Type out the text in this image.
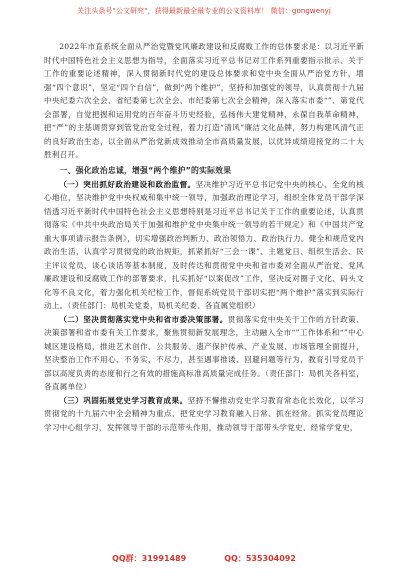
关注头条号"公文研究"，获得最新最全最专业的公文资料库！ 微信：gongwenyj

2022年市直系统全面从严治党暨党风廉政建设和反腐败工作的总体要求是：以习近平新时代中国特色社会主义思想为指导，全面落实习近平总书记对工作系列重要指示批示、关于工作的重要论述精神，深入贯彻新时代党的建设总体要求和党中央全面从严治党方针，增强“四个意识”，坚定“四个自信”，做到“两个维护”，坚持和加强党的领导，认真贯彻十九届中央纪委六次全会、省纪委第七次全会、市纪委第七次全会精神，深入落实市委“”、第党代会部署，自觉把握和运用党的百年奋斗历史经验，弘扬伟大建党精神，永葆自我革命精神，把“严”的主基调贯穿到管党治党全过程，着力打造“清风”廉洁文化品牌，努力构建风清气正的良好政治生态，以全面从严治党新成效推动全市高质量发展，以优异成绩迎接党的二十大胜利召开。

一、强化政治忠诚，增强“两个维护”的实际效果

（一）突出抓好政治建设和政治监督。坚决维护习近平总书记党中央的核心、全党的核心地位，坚决维护党中央权威和集中统一领导，加强政治理论学习，组织全体党员干部学深悟透习近平新时代中国特色社会主义思想特别是习近平总书记关于工作的重要论述，认真贯彻落实《中共中央政治局关于加强和维护党中央集中统一领导的若干规定》和《中国共产党重大事项请示报告条例》，切实增强政治判断力、政治领悟力、政治执行力。健全和规范党内政治生活，认真学习贯彻党的政治规矩，抓紧抓好“三会一课”、主题党日、组织生活会、民主评议党员、谈心谈话等基本制度，及时传达和贯彻党中央和省市委对全面从严治党、党风廉政建设和反腐败工作的部署要求，扎实抓好“以案促改”工作，坚决反对圈子文化、码头文化等不良文化，着力强化机关纪检工作，督促系统党员干部切实把“两个维护”落实到实际行动上。（责任部门：局机关党委，局机关纪委、各直属党组织）

（二）坚决贯彻落实党中央和省市委决策部署。贯彻落实党中央关于工作的方针政策、决策部署和省市委有关工作要求，聚焦贯彻新发展理念，主动融入全市“”工作体系和“”中心城区建设格局，推进艺术创作、公共服务、遗产保护传承、产业发展、市场管理全面提升，坚决整治工作不用心、不务实、不尽力，甚至遇事推诿、回避问题等行为，教育引导党员干部以高度负责的态度和行之有效的措施高标准高质量完成任务。（责任部门：局机关各科室，各直属单位）

（三）巩固拓展党史学习教育成果。坚持不懈推动党史学习教育常态化长效化，以学习贯彻党的十九届六中全会精神为重点，把党史学习教育融入日常、抓在经常。抓实党员理论学习中心组学习，发挥领导干部的示范带头作用，推动领导干部带头学党史、经常学党史，

QQ群：31991489	QQ：535304092
